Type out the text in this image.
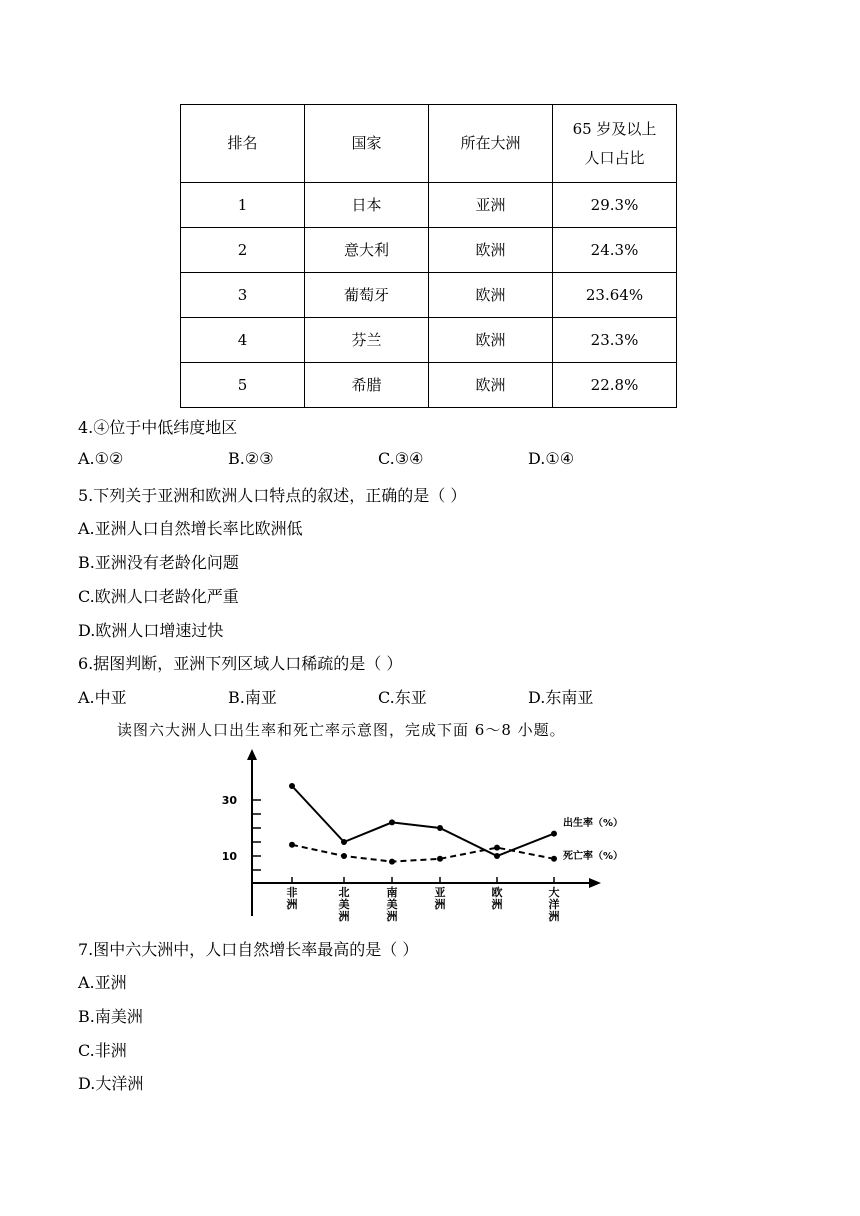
排名	国家	所在大洲	65 岁及以上
人口占比
1	日本	亚洲	29.3%
2	意大利	欧洲	24.3%
3	葡萄牙	欧洲	23.64%
4	芬兰	欧洲	23.3%
5	希腊	欧洲	22.8%
4.④位于中低纬度地区
A.①②	B.②③	C.③④	D.①④
5.下列关于亚洲和欧洲人口特点的叙述，正确的是（ ）
A.亚洲人口自然增长率比欧洲低
B.亚洲没有老龄化问题
C.欧洲人口老龄化严重
D.欧洲人口增速过快
6.据图判断，亚洲下列区域人口稀疏的是（ ）
A.中亚	B.南亚	C.东亚	D.东南亚
读图六大洲人口出生率和死亡率示意图，完成下面 6～8 小题。
10
30
非洲
北美洲
南美洲
亚洲
欧洲
大洋洲
出生率（%）
死亡率（%）
7.图中六大洲中，人口自然增长率最高的是（ ）
A.亚洲
B.南美洲
C.非洲
D.大洋洲
